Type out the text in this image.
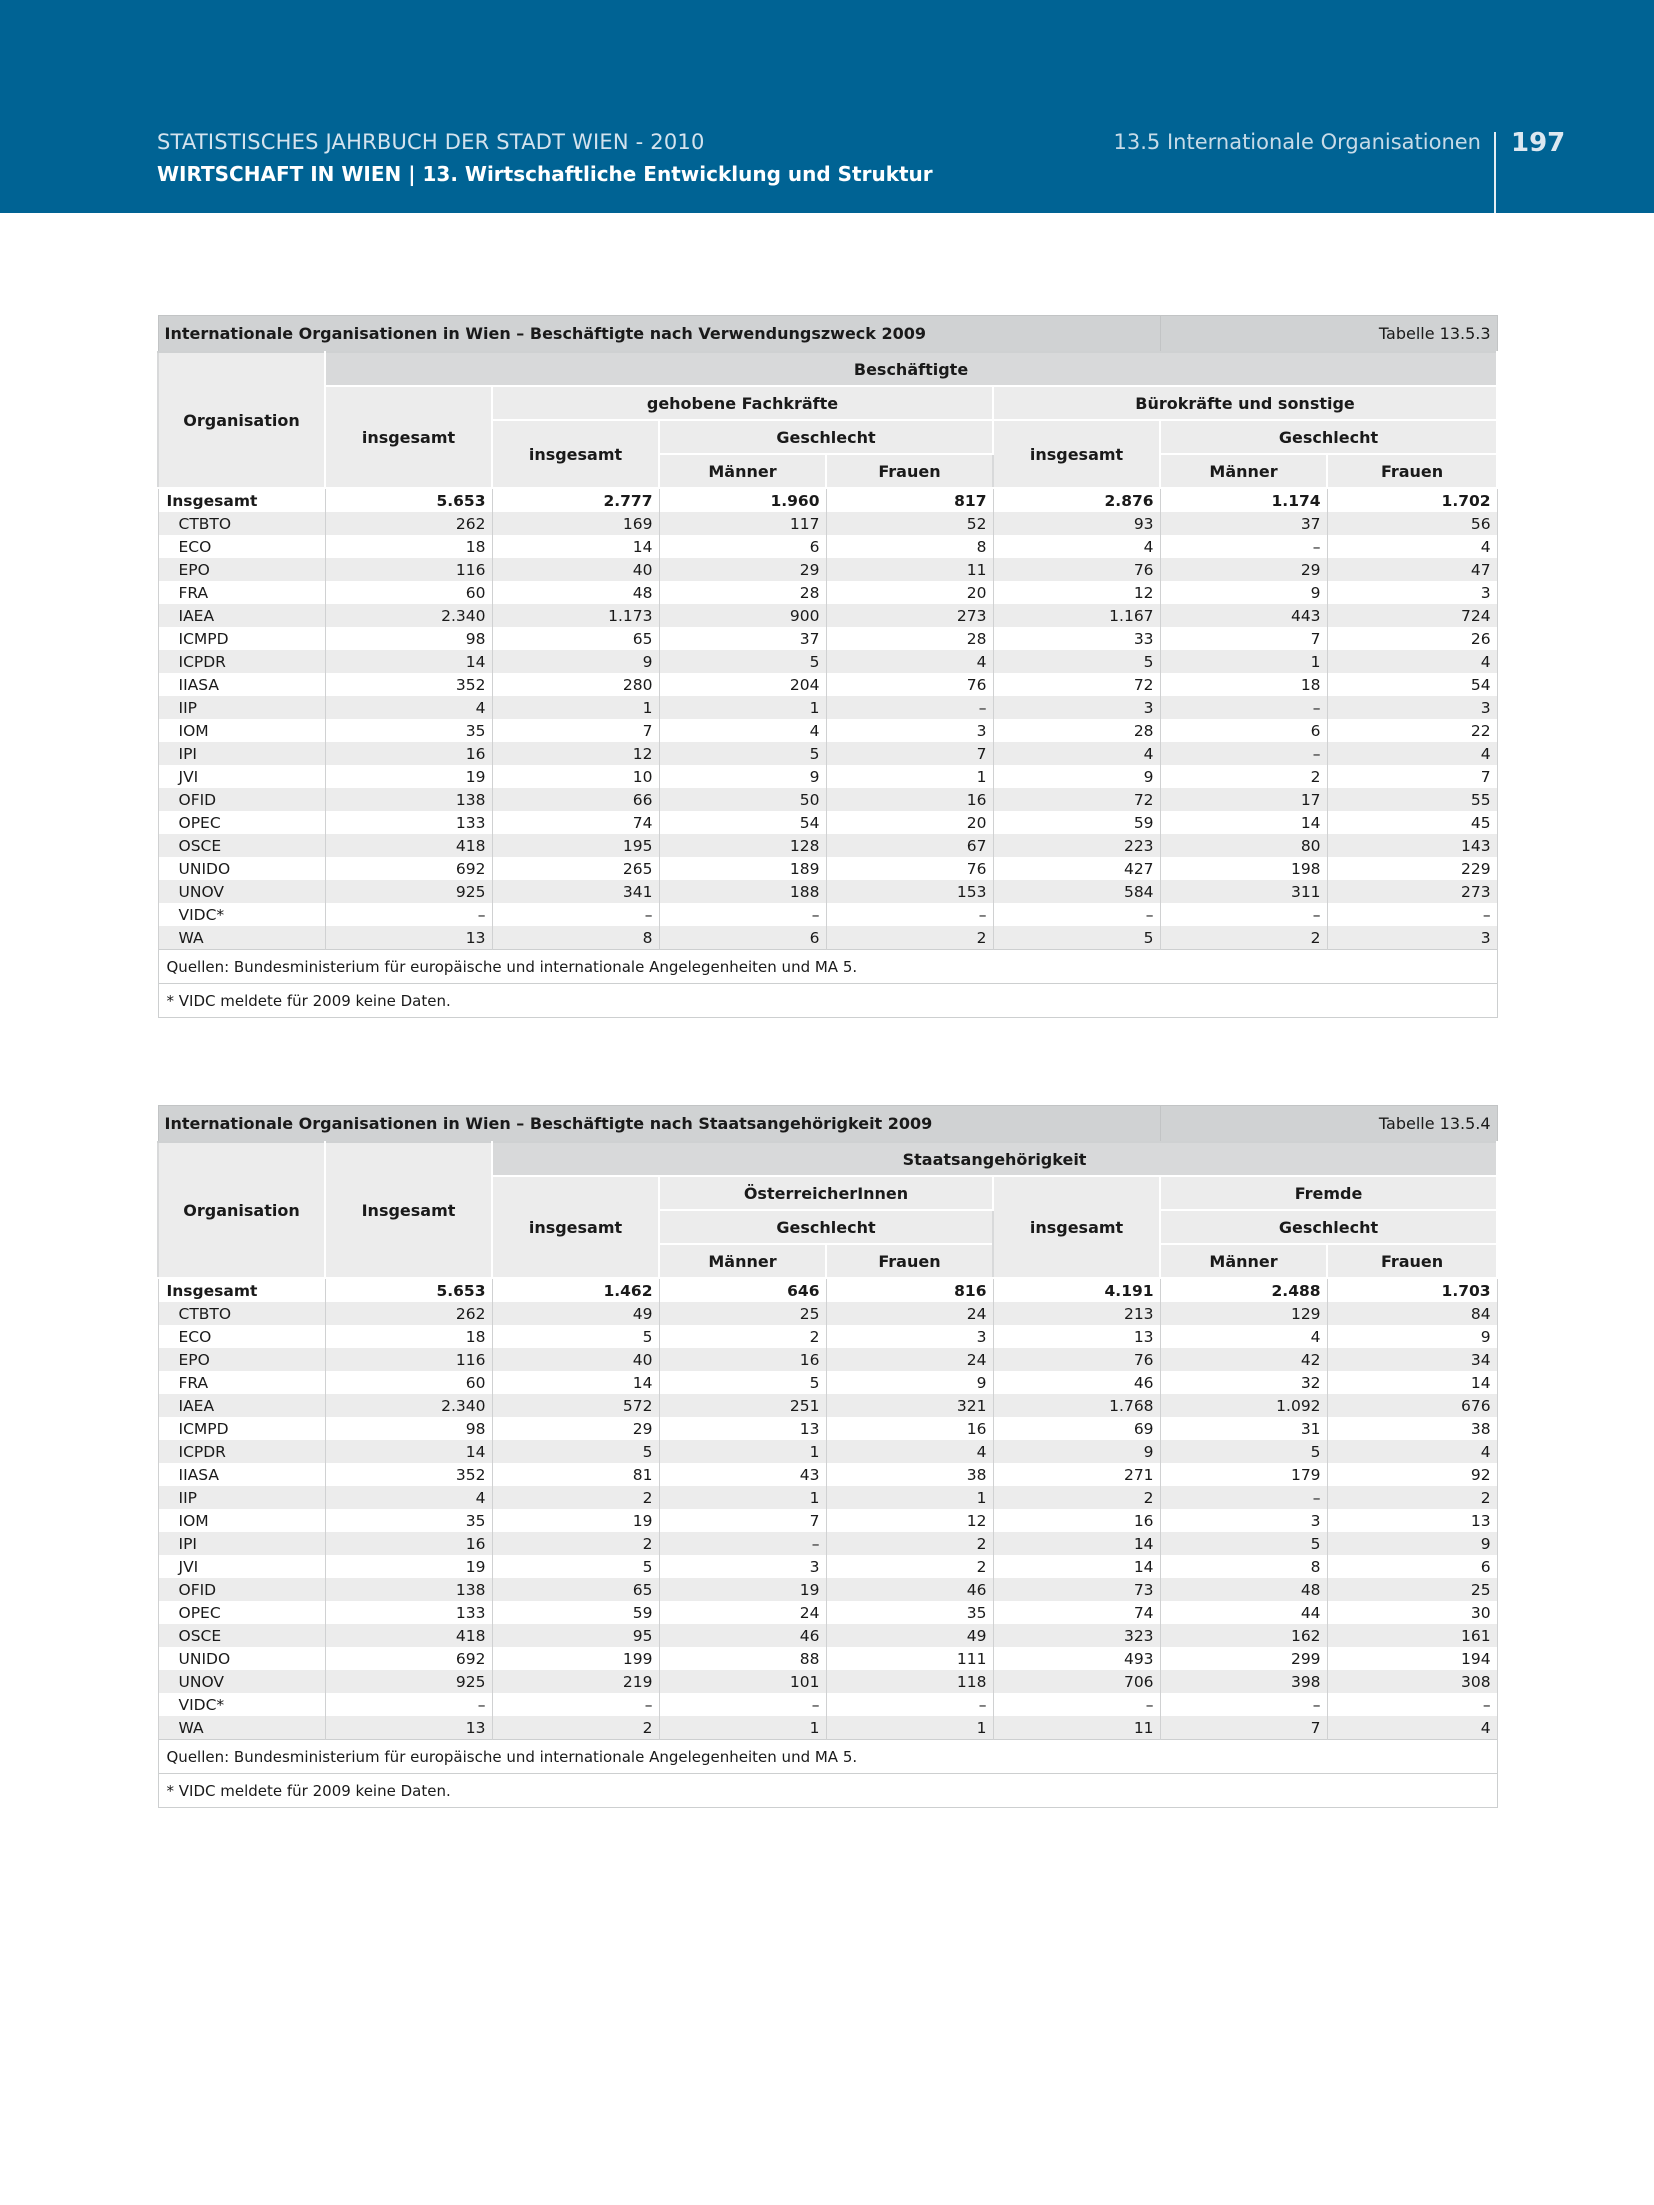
STATISTISCHES JAHRBUCH DER STADT WIEN - 2010
WIRTSCHAFT IN WIEN | 13. Wirtschaftliche Entwicklung und Struktur
13.5 Internationale Organisationen 197
Internationale Organisationen in Wien – Beschäftigte nach Verwendungszweck 2009						Tabelle 13.5.3	
Organisation	Beschäftigte						
	insgesamt	gehobene Fachkräfte			Bürokräfte und sonstige		
		insgesamt	Geschlecht		insgesamt	Geschlecht	
			Männer	Frauen		Männer	Frauen
Insgesamt	5.653	2.777	1.960	817	2.876	1.174	1.702
CTBTO	262	169	117	52	93	37	56
ECO	18	14	6	8	4	–	4
EPO	116	40	29	11	76	29	47
FRA	60	48	28	20	12	9	3
IAEA	2.340	1.173	900	273	1.167	443	724
ICMPD	98	65	37	28	33	7	26
ICPDR	14	9	5	4	5	1	4
IIASA	352	280	204	76	72	18	54
IIP	4	1	1	–	3	–	3
IOM	35	7	4	3	28	6	22
IPI	16	12	5	7	4	–	4
JVI	19	10	9	1	9	2	7
OFID	138	66	50	16	72	17	55
OPEC	133	74	54	20	59	14	45
OSCE	418	195	128	67	223	80	143
UNIDO	692	265	189	76	427	198	229
UNOV	925	341	188	153	584	311	273
VIDC*	–	–	–	–	–	–	–
WA	13	8	6	2	5	2	3
Quellen: Bundesministerium für europäische und internationale Angelegenheiten und MA 5.							
* VIDC meldete für 2009 keine Daten.							
Internationale Organisationen in Wien – Beschäftigte nach Staatsangehörigkeit 2009						Tabelle 13.5.4	
Organisation	Insgesamt	Staatsangehörigkeit					
		insgesamt	ÖsterreicherInnen		insgesamt	Fremde	
			Geschlecht			Geschlecht	
			Männer	Frauen		Männer	Frauen
Insgesamt	5.653	1.462	646	816	4.191	2.488	1.703
CTBTO	262	49	25	24	213	129	84
ECO	18	5	2	3	13	4	9
EPO	116	40	16	24	76	42	34
FRA	60	14	5	9	46	32	14
IAEA	2.340	572	251	321	1.768	1.092	676
ICMPD	98	29	13	16	69	31	38
ICPDR	14	5	1	4	9	5	4
IIASA	352	81	43	38	271	179	92
IIP	4	2	1	1	2	–	2
IOM	35	19	7	12	16	3	13
IPI	16	2	–	2	14	5	9
JVI	19	5	3	2	14	8	6
OFID	138	65	19	46	73	48	25
OPEC	133	59	24	35	74	44	30
OSCE	418	95	46	49	323	162	161
UNIDO	692	199	88	111	493	299	194
UNOV	925	219	101	118	706	398	308
VIDC*	–	–	–	–	–	–	–
WA	13	2	1	1	11	7	4
Quellen: Bundesministerium für europäische und internationale Angelegenheiten und MA 5.							
* VIDC meldete für 2009 keine Daten.							
